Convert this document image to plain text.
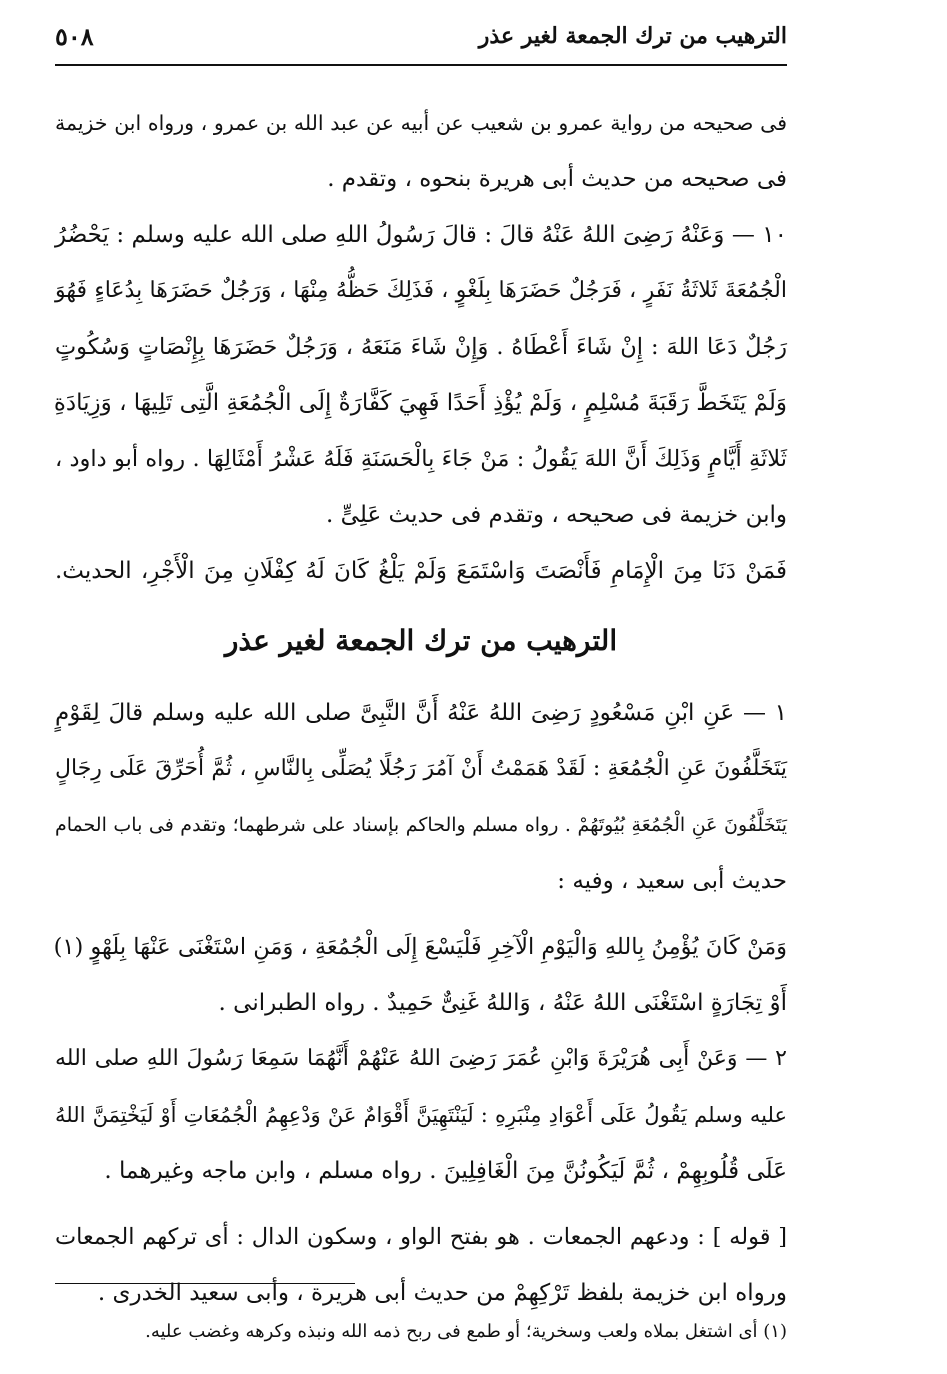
الترهيب من ترك الجمعة لغير عذر
٥٠٨
فى صحيحه من رواية عمرو بن شعيب عن أبيه عن عبد الله بن عمرو ، ورواه ابن خزيمة
فى صحيحه من حديث أبى هريرة بنحوه ، وتقدم .
١٠ — وَعَنْهُ رَضِىَ اللهُ عَنْهُ قالَ : قالَ رَسُولُ اللهِ صلى الله عليه وسلم : يَحْضُرُ
الْجُمُعَةَ ثَلاثَةُ نَفَرٍ ، فَرَجُلٌ حَضَرَهَا بِلَغْوٍ ، فَذَلِكَ حَظُّهُ مِنْهَا ، وَرَجُلٌ حَضَرَهَا بِدُعَاءٍ فَهُوَ
رَجُلٌ دَعَا اللهَ : إِنْ شَاءَ أَعْطَاهُ . وَإِنْ شَاءَ مَنَعَهُ ، وَرَجُلٌ حَضَرَهَا بِإِنْصَاتٍ وَسُكُوتٍ
وَلَمْ يَتَخَطَّ رَقَبَةَ مُسْلِمٍ ، وَلَمْ يُؤْذِ أَحَدًا فَهِيَ كَفَّارَةٌ إِلَى الْجُمُعَةِ الَّتِى تَلِيهَا ، وَزِيَادَةِ
ثَلاثَةِ أَيَّامٍ وَذَلِكَ أَنَّ اللهَ يَقُولُ : مَنْ جَاءَ بِالْحَسَنَةِ فَلَهُ عَشْرُ أَمْثَالِهَا . رواه أبو داود ،
وابن خزيمة فى صحيحه ، وتقدم فى حديث عَلِىٍّ .
فَمَنْ دَنَا مِنَ الْإِمَامِ فَأَنْصَتَ وَاسْتَمَعَ وَلَمْ يَلْغُ كَانَ لَهُ كِفْلَانِ مِنَ الْأَجْرِ، الحديث.
الترهيب من ترك الجمعة لغير عذر
١ — عَنِ ابْنِ مَسْعُودٍ رَضِىَ اللهُ عَنْهُ أَنَّ النَّبِىَّ صلى الله عليه وسلم قالَ لِقَوْمٍ
يَتَخَلَّفُونَ عَنِ الْجُمُعَةِ : لَقَدْ هَمَمْتُ أَنْ آمُرَ رَجُلًا يُصَلِّى بِالنَّاسِ ، ثُمَّ أُحَرِّقَ عَلَى رِجَالٍ
يَتَخَلَّفُونَ عَنِ الْجُمُعَةِ بُيُوتَهُمْ . رواه مسلم والحاكم بإسناد على شرطهما؛ وتقدم فى باب الحمام
حديث أبى سعيد ، وفيه :
وَمَنْ كَانَ يُؤْمِنُ بِاللهِ وَالْيَوْمِ الْآخِرِ فَلْيَسْعَ إِلَى الْجُمُعَةِ ، وَمَنِ اسْتَغْنَى عَنْهَا بِلَهْوٍ (١)
أَوْ تِجَارَةٍ اسْتَغْنَى اللهُ عَنْهُ ، وَاللهُ غَنِىٌّ حَمِيدٌ . رواه الطبرانى .
٢ — وَعَنْ أَبِى هُرَيْرَةَ وَابْنِ عُمَرَ رَضِىَ اللهُ عَنْهُمْ أَنَّهُمَا سَمِعَا رَسُولَ اللهِ صلى الله
عليه وسلم يَقُولُ عَلَى أَعْوَادِ مِنْبَرِهِ : لَيَنْتَهِيَنَّ أَقْوَامٌ عَنْ وَدْعِهِمُ الْجُمُعَاتِ أَوْ لَيَخْتِمَنَّ اللهُ
عَلَى قُلُوبِهِمْ ، ثُمَّ لَيَكُونُنَّ مِنَ الْغَافِلِينَ . رواه مسلم ، وابن ماجه وغيرهما .
[ قوله ] : ودعهم الجمعات . هو بفتح الواو ، وسكون الدال : أى تركهم الجمعات
ورواه ابن خزيمة بلفظ تَرْكِهِمْ من حديث أبى هريرة ، وأبى سعيد الخدرى .
(١) أى اشتغل بملاه ولعب وسخرية؛ أو طمع فى ربح ذمه الله ونبذه وكرهه وغضب عليه.
